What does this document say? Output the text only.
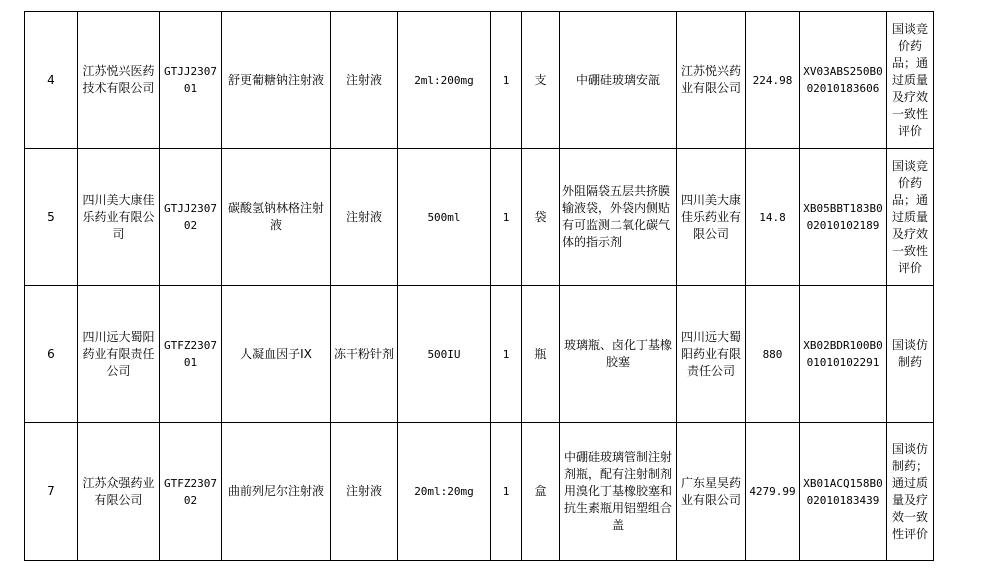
4	江苏悦兴医药技术有限公司	GTJJ230701	舒更葡糖钠注射液	注射液	2ml:200mg	1	支	中硼硅玻璃安瓿	江苏悦兴药业有限公司	224.98	XV03ABS250B002010183606	国谈竞价药品；通过质量及疗效一致性评价
5	四川美大康佳乐药业有限公司	GTJJ230702	碳酸氢钠林格注射液	注射液	500ml	1	袋	外阻隔袋五层共挤膜输液袋，外袋内侧贴有可监测二氧化碳气体的指示剂	四川美大康佳乐药业有限公司	14.8	XB05BBT183B002010102189	国谈竞价药品；通过质量及疗效一致性评价
6	四川远大蜀阳药业有限责任公司	GTFZ230701	人凝血因子IX	冻干粉针剂	500IU	1	瓶	玻璃瓶、卤化丁基橡胶塞	四川远大蜀阳药业有限责任公司	880	XB02BDR100B001010102291	国谈仿制药
7	江苏众强药业有限公司	GTFZ230702	曲前列尼尔注射液	注射液	20ml:20mg	1	盒	中硼硅玻璃管制注射剂瓶，配有注射制剂用溴化丁基橡胶塞和抗生素瓶用铝塑组合盖	广东星昊药业有限公司	4279.99	XB01ACQ158B002010183439	国谈仿制药；通过质量及疗效一致性评价
